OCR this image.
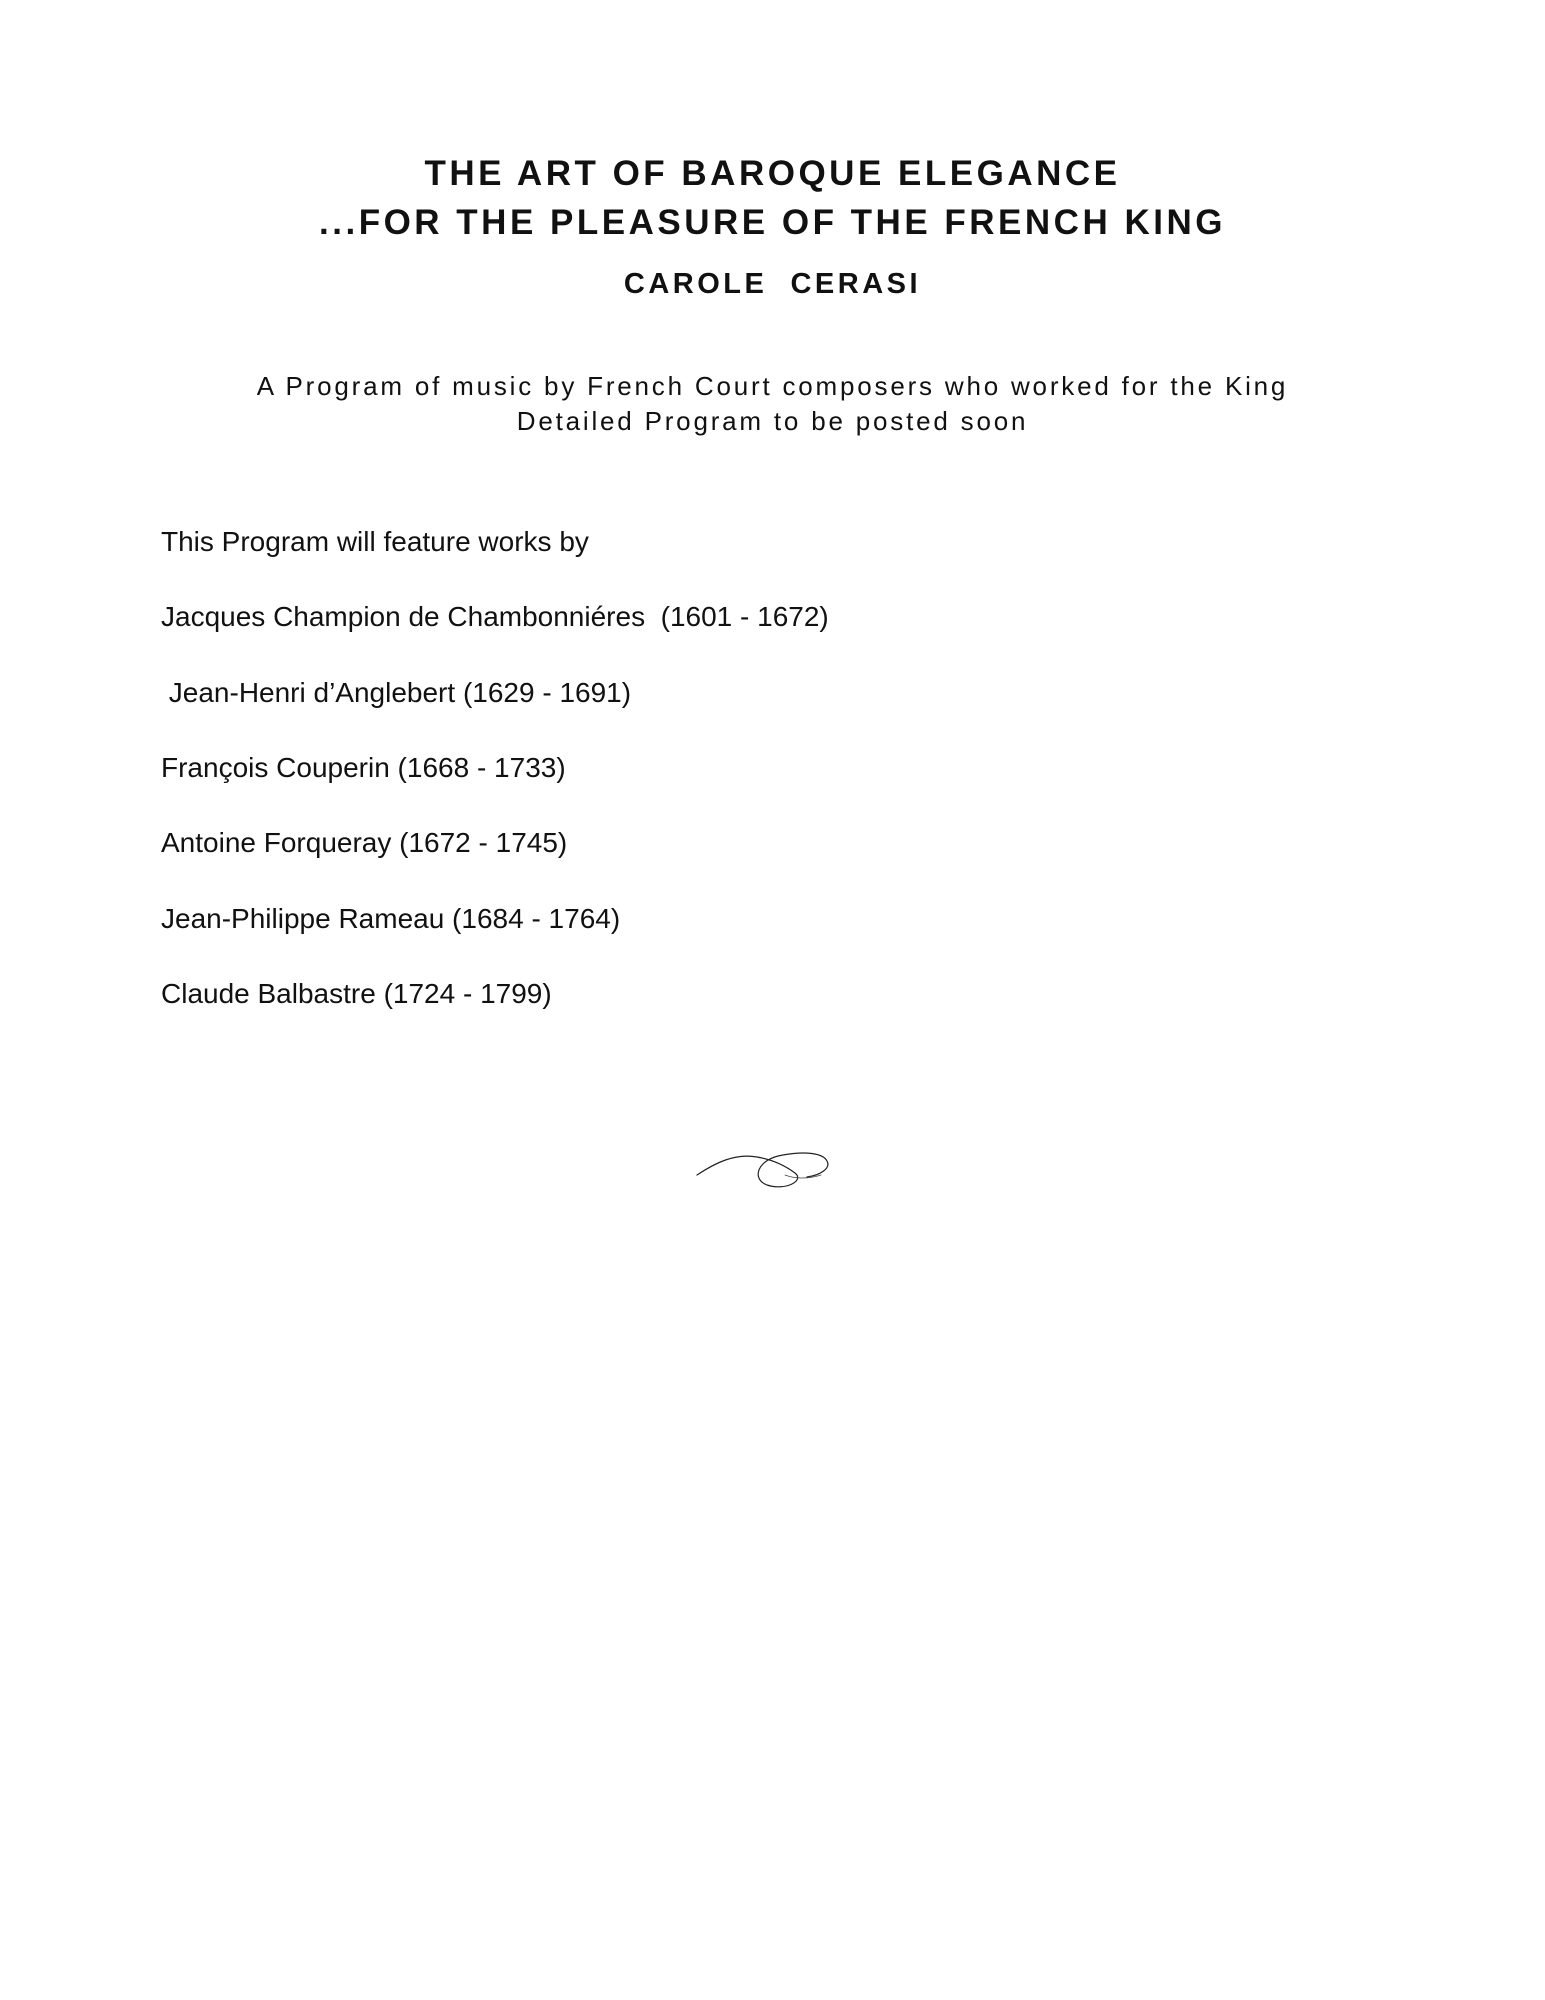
THE ART OF BAROQUE ELEGANCE
...FOR THE PLEASURE OF THE FRENCH KING
CAROLE  CERASI
A Program of music by French Court composers who worked for the King
Detailed Program to be posted soon
This Program will feature works by
Jacques Champion de Chambonniéres  (1601 - 1672)
Jean-Henri d’Anglebert (1629 - 1691)
François Couperin (1668 - 1733)
Antoine Forqueray (1672 - 1745)
Jean-Philippe Rameau (1684 - 1764)
Claude Balbastre (1724 - 1799)
